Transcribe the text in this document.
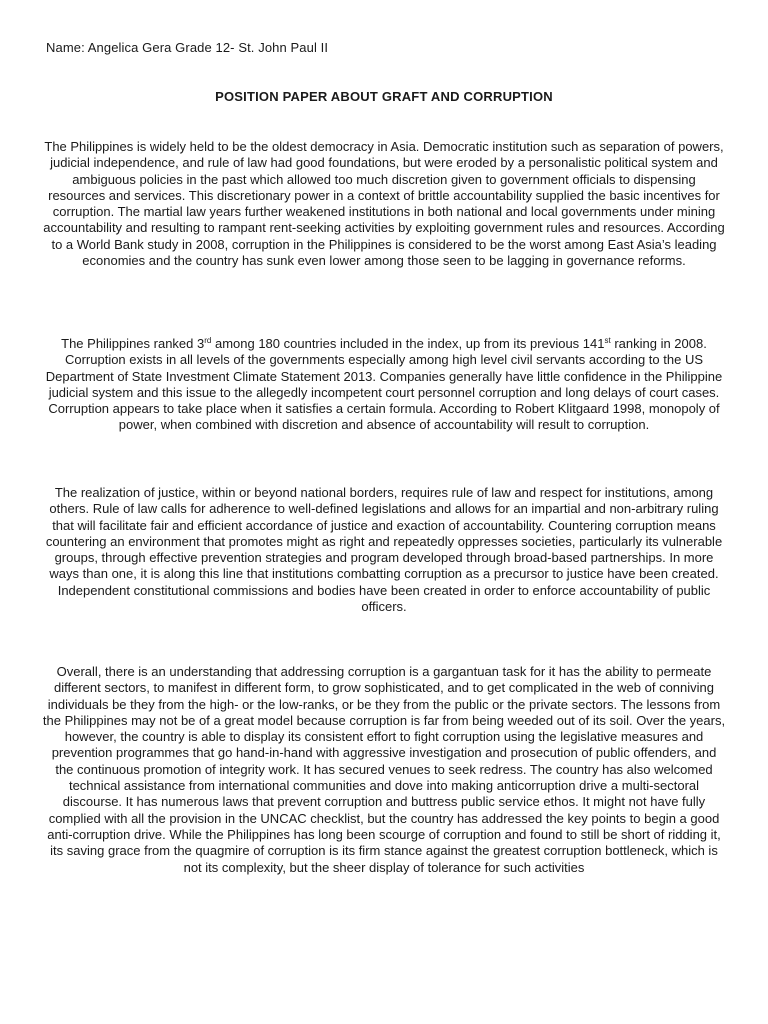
Name: Angelica Gera Grade 12- St. John Paul II
POSITION PAPER ABOUT GRAFT AND CORRUPTION

The Philippines is widely held to be the oldest democracy in Asia. Democratic institution such as separation of powers, judicial independence, and rule of law had good foundations, but were eroded by a personalistic political system and ambiguous policies in the past which allowed too much discretion given to government officials to dispensing resources and services. This discretionary power in a context of brittle accountability supplied the basic incentives for corruption. The martial law years further weakened institutions in both national and local governments under mining accountability and resulting to rampant rent-seeking activities by exploiting government rules and resources. According to a World Bank study in 2008, corruption in the Philippines is considered to be the worst among East Asia’s leading economies and the country has sunk even lower among those seen to be lagging in governance reforms.

The Philippines ranked 3rd among 180 countries included in the index, up from its previous 141st ranking in 2008. Corruption exists in all levels of the governments especially among high level civil servants according to the US Department of State Investment Climate Statement 2013. Companies generally have little confidence in the Philippine judicial system and this issue to the allegedly incompetent court personnel corruption and long delays of court cases. Corruption appears to take place when it satisfies a certain formula. According to Robert Klitgaard 1998, monopoly of power, when combined with discretion and absence of accountability will result to corruption.

The realization of justice, within or beyond national borders, requires rule of law and respect for institutions, among others. Rule of law calls for adherence to well-defined legislations and allows for an impartial and non-arbitrary ruling that will facilitate fair and efficient accordance of justice and exaction of accountability. Countering corruption means countering an environment that promotes might as right and repeatedly oppresses societies, particularly its vulnerable groups, through effective prevention strategies and program developed through broad-based partnerships. In more ways than one, it is along this line that institutions combatting corruption as a precursor to justice have been created. Independent constitutional commissions and bodies have been created in order to enforce accountability of public officers.

Overall, there is an understanding that addressing corruption is a gargantuan task for it has the ability to permeate different sectors, to manifest in different form, to grow sophisticated, and to get complicated in the web of conniving individuals be they from the high- or the low-ranks, or be they from the public or the private sectors. The lessons from the Philippines may not be of a great model because corruption is far from being weeded out of its soil. Over the years, however, the country is able to display its consistent effort to fight corruption using the legislative measures and prevention programmes that go hand-in-hand with aggressive investigation and prosecution of public offenders, and the continuous promotion of integrity work. It has secured venues to seek redress. The country has also welcomed technical assistance from international communities and dove into making anticorruption drive a multi-sectoral discourse. It has numerous laws that prevent corruption and buttress public service ethos. It might not have fully complied with all the provision in the UNCAC checklist, but the country has addressed the key points to begin a good anti-corruption drive. While the Philippines has long been scourge of corruption and found to still be short of ridding it, its saving grace from the quagmire of corruption is its firm stance against the greatest corruption bottleneck, which is not its complexity, but the sheer display of tolerance for such activities
